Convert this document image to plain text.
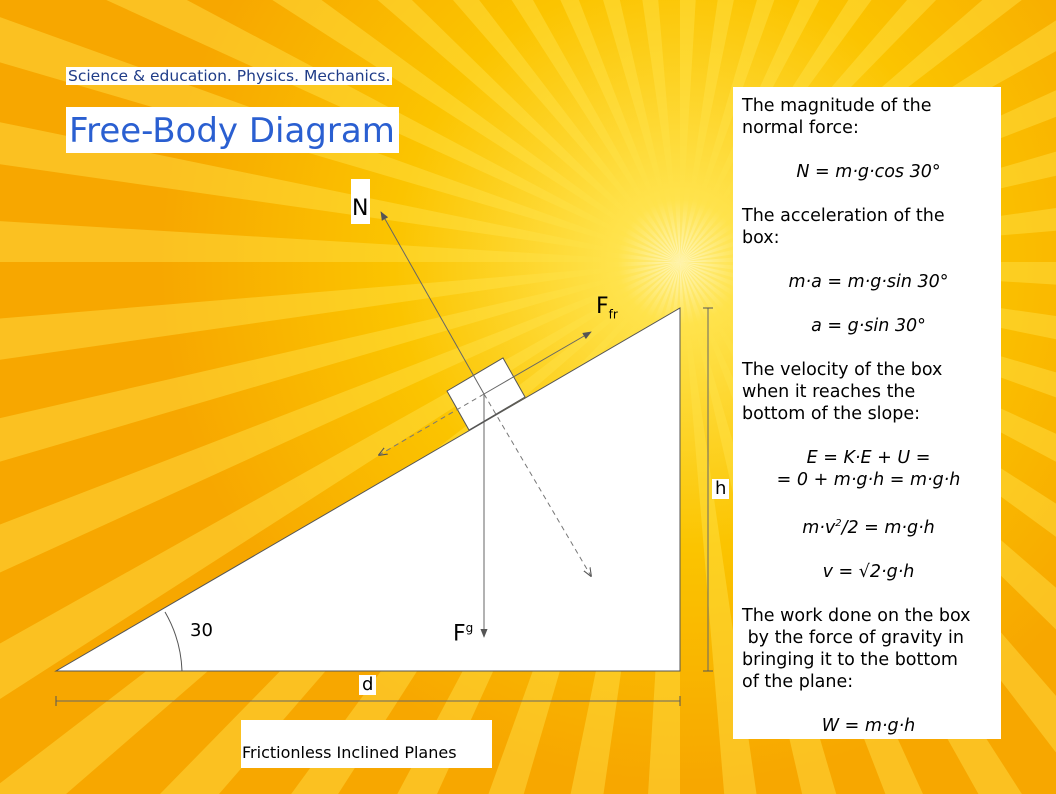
Science & education. Physics. Mechanics.
Free-Body Diagram
N
$F_{fr}$
$F^g$
30
h
d
Frictionless Inclined Planes

The magnitude of the
normal force:

N = m·g·cos 30°

The acceleration of the
box:

m·a = m·g·sin 30°

a = g·sin 30°

The velocity of the box
when it reaches the
bottom of the slope:

E = K·E + U =

= 0 + m·g·h = m·g·h

$m\cdot v^2/2 = m\cdot g\cdot h$

v = √2·g·h

The work done on the box
by the force of gravity in
bringing it to the bottom
of the plane:

W = m·g·h
